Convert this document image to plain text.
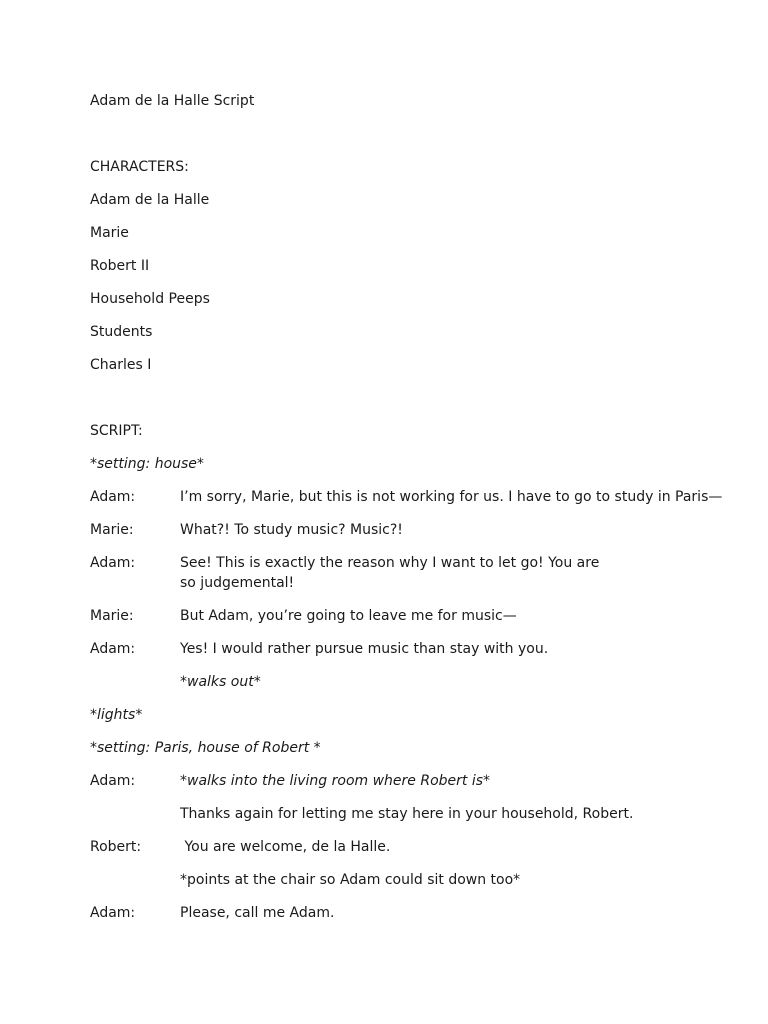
Adam de la Halle Script
CHARACTERS:
Adam de la Halle
Marie
Robert II
Household Peeps
Students
Charles I
SCRIPT:
*setting: house*
Adam:	I’m sorry, Marie, but this is not working for us. I have to go to study in Paris—
Marie:	What?! To study music? Music?!
Adam:	See! This is exactly the reason why I want to let go! You are so judgemental!
Marie:	But Adam, you’re going to leave me for music—
Adam:	Yes! I would rather pursue music than stay with you.
*walks out*
*lights*
*setting: Paris, house of Robert *
Adam:	*walks into the living room where Robert is*
Thanks again for letting me stay here in your household, Robert.
Robert:	You are welcome, de la Halle.
*points at the chair so Adam could sit down too*
Adam:	Please, call me Adam.
